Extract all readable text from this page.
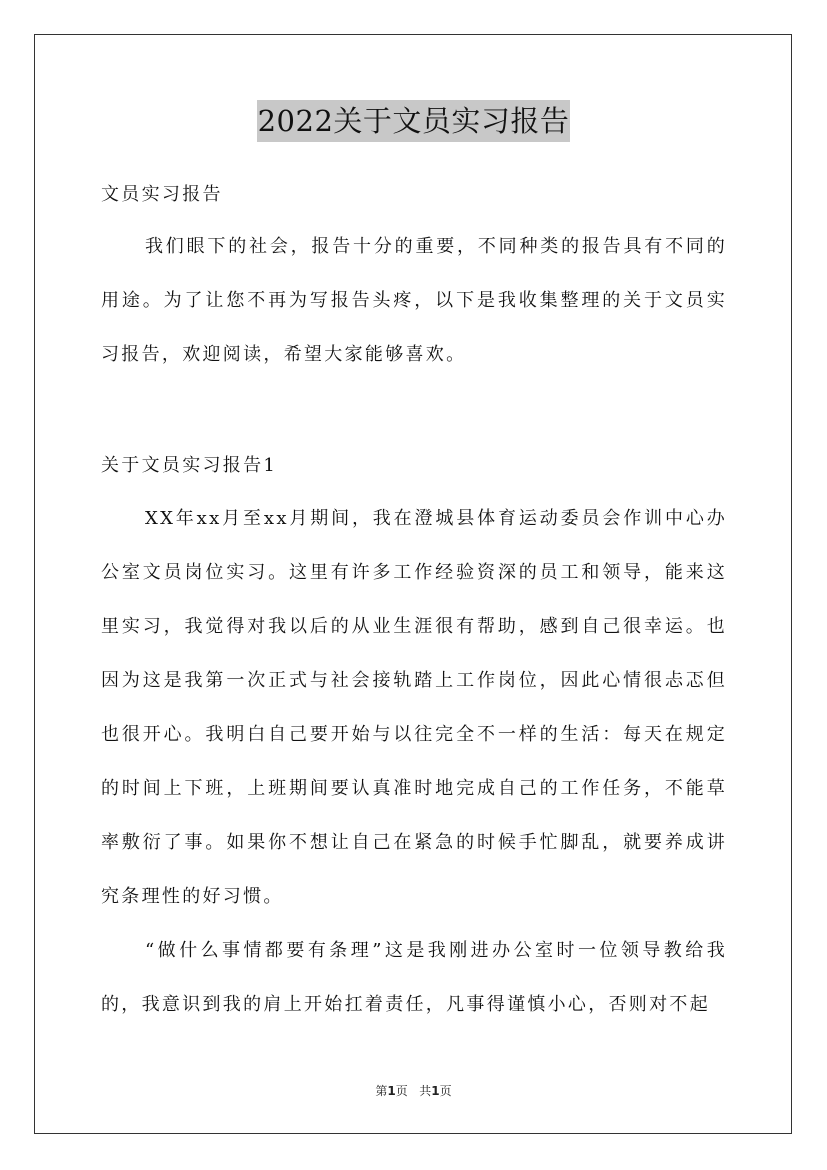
2022关于文员实习报告

文员实习报告

我们眼下的社会，报告十分的重要，不同种类的报告具有不同的用途。为了让您不再为写报告头疼，以下是我收集整理的关于文员实习报告，欢迎阅读，希望大家能够喜欢。

关于文员实习报告1

XX年xx月至xx月期间，我在澄城县体育运动委员会作训中心办公室文员岗位实习。这里有许多工作经验资深的员工和领导，能来这里实习，我觉得对我以后的从业生涯很有帮助，感到自己很幸运。也因为这是我第一次正式与社会接轨踏上工作岗位，因此心情很忐忑但也很开心。我明白自己要开始与以往完全不一样的生活：每天在规定的时间上下班，上班期间要认真准时地完成自己的工作任务，不能草率敷衍了事。如果你不想让自己在紧急的时候手忙脚乱，就要养成讲究条理性的好习惯。

“做什么事情都要有条理”这是我刚进办公室时一位领导教给我的，我意识到我的肩上开始扛着责任，凡事得谨慎小心，否则对不起

第1页 共1页
